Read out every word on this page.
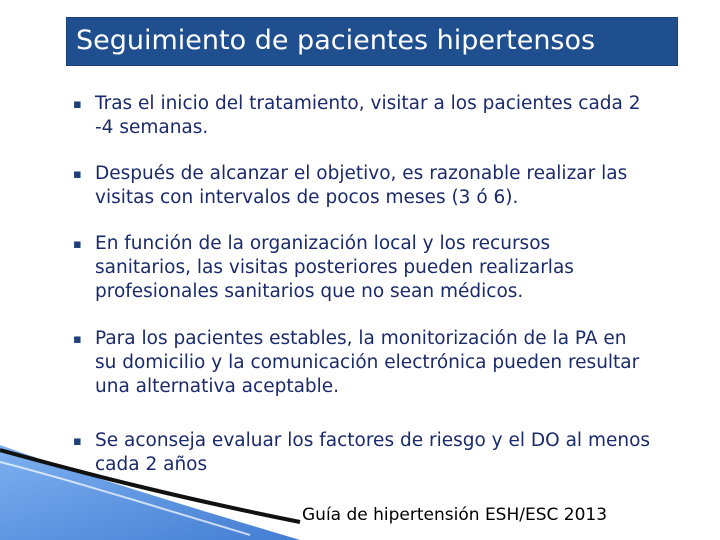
Seguimiento de pacientes hipertensos
▪ Tras el inicio del tratamiento, visitar a los pacientes cada 2
-4 semanas.
▪ Después de alcanzar el objetivo, es razonable realizar las
visitas con intervalos de pocos meses (3 ó 6).
▪ En función de la organización local y los recursos
sanitarios, las visitas posteriores pueden realizarlas
profesionales sanitarios que no sean médicos.
▪ Para los pacientes estables, la monitorización de la PA en
su domicilio y la comunicación electrónica pueden resultar
una alternativa aceptable.
▪ Se aconseja evaluar los factores de riesgo y el DO al menos
cada 2 años
Guía de hipertensión ESH/ESC 2013
